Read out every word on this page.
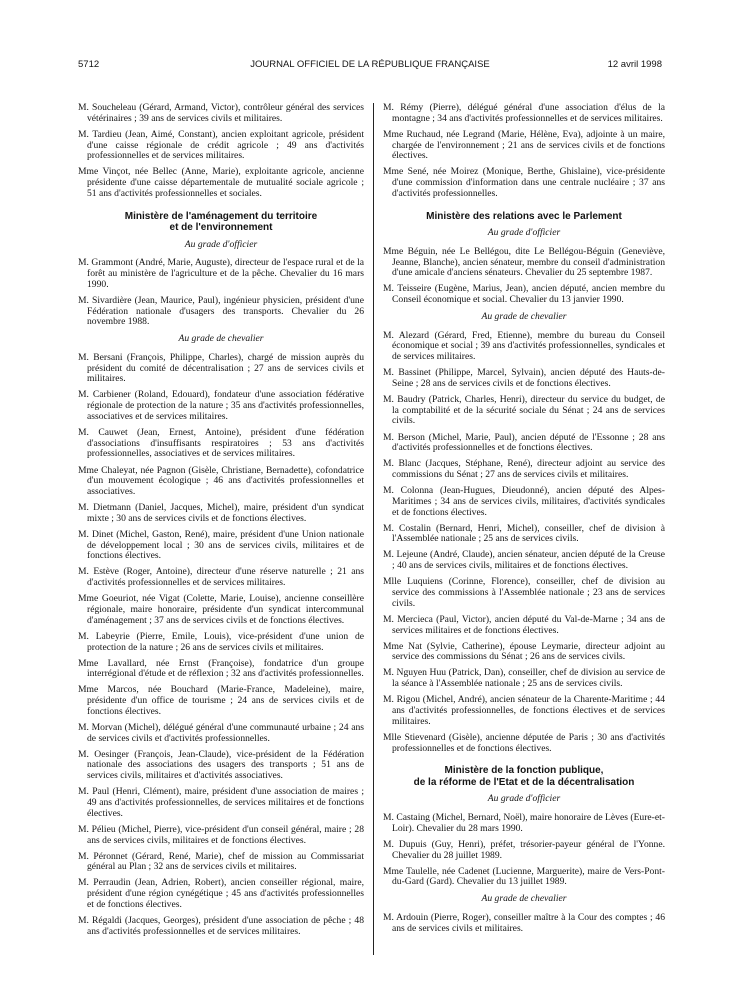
5712	JOURNAL OFFICIEL DE LA RÉPUBLIQUE FRANÇAISE	12 avril 1998
M. Soucheleau (Gérard, Armand, Victor), contrôleur général des services vétérinaires ; 39 ans de services civils et militaires.
M. Tardieu (Jean, Aimé, Constant), ancien exploitant agricole, président d'une caisse régionale de crédit agricole ; 49 ans d'activités professionnelles et de services militaires.
Mme Vinçot, née Bellec (Anne, Marie), exploitante agricole, ancienne présidente d'une caisse départementale de mutualité sociale agricole ; 51 ans d'activités professionnelles et sociales.
Ministère de l'aménagement du territoire
et de l'environnement
Au grade d'officier
M. Grammont (André, Marie, Auguste), directeur de l'espace rural et de la forêt au ministère de l'agriculture et de la pêche. Chevalier du 16 mars 1990.
M. Sivardière (Jean, Maurice, Paul), ingénieur physicien, président d'une Fédération nationale d'usagers des transports. Chevalier du 26 novembre 1988.
Au grade de chevalier
M. Bersani (François, Philippe, Charles), chargé de mission auprès du président du comité de décentralisation ; 27 ans de services civils et militaires.
M. Carbiener (Roland, Edouard), fondateur d'une association fédérative régionale de protection de la nature ; 35 ans d'activités professionnelles, associatives et de services militaires.
M. Cauwet (Jean, Ernest, Antoine), président d'une fédération d'associations d'insuffisants respiratoires ; 53 ans d'activités professionnelles, associatives et de services militaires.
Mme Chaleyat, née Pagnon (Gisèle, Christiane, Bernadette), cofondatrice d'un mouvement écologique ; 46 ans d'activités professionnelles et associatives.
M. Dietmann (Daniel, Jacques, Michel), maire, président d'un syndicat mixte ; 30 ans de services civils et de fonctions électives.
M. Dinet (Michel, Gaston, René), maire, président d'une Union nationale de développement local ; 30 ans de services civils, militaires et de fonctions électives.
M. Estève (Roger, Antoine), directeur d'une réserve naturelle ; 21 ans d'activités professionnelles et de services militaires.
Mme Goeuriot, née Vigat (Colette, Marie, Louise), ancienne conseillère régionale, maire honoraire, présidente d'un syndicat intercommunal d'aménagement ; 37 ans de services civils et de fonctions électives.
M. Labeyrie (Pierre, Emile, Louis), vice-président d'une union de protection de la nature ; 26 ans de services civils et militaires.
Mme Lavallard, née Ernst (Françoise), fondatrice d'un groupe interrégional d'étude et de réflexion ; 32 ans d'activités professionnelles.
Mme Marcos, née Bouchard (Marie-France, Madeleine), maire, présidente d'un office de tourisme ; 24 ans de services civils et de fonctions électives.
M. Morvan (Michel), délégué général d'une communauté urbaine ; 24 ans de services civils et d'activités professionnelles.
M. Oesinger (François, Jean-Claude), vice-président de la Fédération nationale des associations des usagers des transports ; 51 ans de services civils, militaires et d'activités associatives.
M. Paul (Henri, Clément), maire, président d'une association de maires ; 49 ans d'activités professionnelles, de services militaires et de fonctions électives.
M. Pélieu (Michel, Pierre), vice-président d'un conseil général, maire ; 28 ans de services civils, militaires et de fonctions électives.
M. Péronnet (Gérard, René, Marie), chef de mission au Commissariat général au Plan ; 32 ans de services civils et militaires.
M. Perraudin (Jean, Adrien, Robert), ancien conseiller régional, maire, président d'une région cynégétique ; 45 ans d'activités professionnelles et de fonctions électives.
M. Régaldi (Jacques, Georges), président d'une association de pêche ; 48 ans d'activités professionnelles et de services militaires.
M. Rémy (Pierre), délégué général d'une association d'élus de la montagne ; 34 ans d'activités professionnelles et de services militaires.
Mme Ruchaud, née Legrand (Marie, Hélène, Eva), adjointe à un maire, chargée de l'environnement ; 21 ans de services civils et de fonctions électives.
Mme Sené, née Moirez (Monique, Berthe, Ghislaine), vice-présidente d'une commission d'information dans une centrale nucléaire ; 37 ans d'activités professionnelles.
Ministère des relations avec le Parlement
Au grade d'officier
Mme Béguin, née Le Bellégou, dite Le Bellégou-Béguin (Geneviève, Jeanne, Blanche), ancien sénateur, membre du conseil d'administration d'une amicale d'anciens sénateurs. Chevalier du 25 septembre 1987.
M. Teisseire (Eugène, Marius, Jean), ancien député, ancien membre du Conseil économique et social. Chevalier du 13 janvier 1990.
Au grade de chevalier
M. Alezard (Gérard, Fred, Etienne), membre du bureau du Conseil économique et social ; 39 ans d'activités professionnelles, syndicales et de services militaires.
M. Bassinet (Philippe, Marcel, Sylvain), ancien député des Hauts-de-Seine ; 28 ans de services civils et de fonctions électives.
M. Baudry (Patrick, Charles, Henri), directeur du service du budget, de la comptabilité et de la sécurité sociale du Sénat ; 24 ans de services civils.
M. Berson (Michel, Marie, Paul), ancien député de l'Essonne ; 28 ans d'activités professionnelles et de fonctions électives.
M. Blanc (Jacques, Stéphane, René), directeur adjoint au service des commissions du Sénat ; 27 ans de services civils et militaires.
M. Colonna (Jean-Hugues, Dieudonné), ancien député des Alpes-Maritimes ; 34 ans de services civils, militaires, d'activités syndicales et de fonctions électives.
M. Costalin (Bernard, Henri, Michel), conseiller, chef de division à l'Assemblée nationale ; 25 ans de services civils.
M. Lejeune (André, Claude), ancien sénateur, ancien député de la Creuse ; 40 ans de services civils, militaires et de fonctions électives.
Mlle Luquiens (Corinne, Florence), conseiller, chef de division au service des commissions à l'Assemblée nationale ; 23 ans de services civils.
M. Mercieca (Paul, Victor), ancien député du Val-de-Marne ; 34 ans de services militaires et de fonctions électives.
Mme Nat (Sylvie, Catherine), épouse Leymarie, directeur adjoint au service des commissions du Sénat ; 26 ans de services civils.
M. Nguyen Huu (Patrick, Dan), conseiller, chef de division au service de la séance à l'Assemblée nationale ; 25 ans de services civils.
M. Rigou (Michel, André), ancien sénateur de la Charente-Maritime ; 44 ans d'activités professionnelles, de fonctions électives et de services militaires.
Mlle Stievenard (Gisèle), ancienne députée de Paris ; 30 ans d'activités professionnelles et de fonctions électives.
Ministère de la fonction publique,
de la réforme de l'Etat et de la décentralisation
Au grade d'officier
M. Castaing (Michel, Bernard, Noël), maire honoraire de Lèves (Eure-et-Loir). Chevalier du 28 mars 1990.
M. Dupuis (Guy, Henri), préfet, trésorier-payeur général de l'Yonne. Chevalier du 28 juillet 1989.
Mme Taulelle, née Cadenet (Lucienne, Marguerite), maire de Vers-Pont-du-Gard (Gard). Chevalier du 13 juillet 1989.
Au grade de chevalier
M. Ardouin (Pierre, Roger), conseiller maître à la Cour des comptes ; 46 ans de services civils et militaires.
